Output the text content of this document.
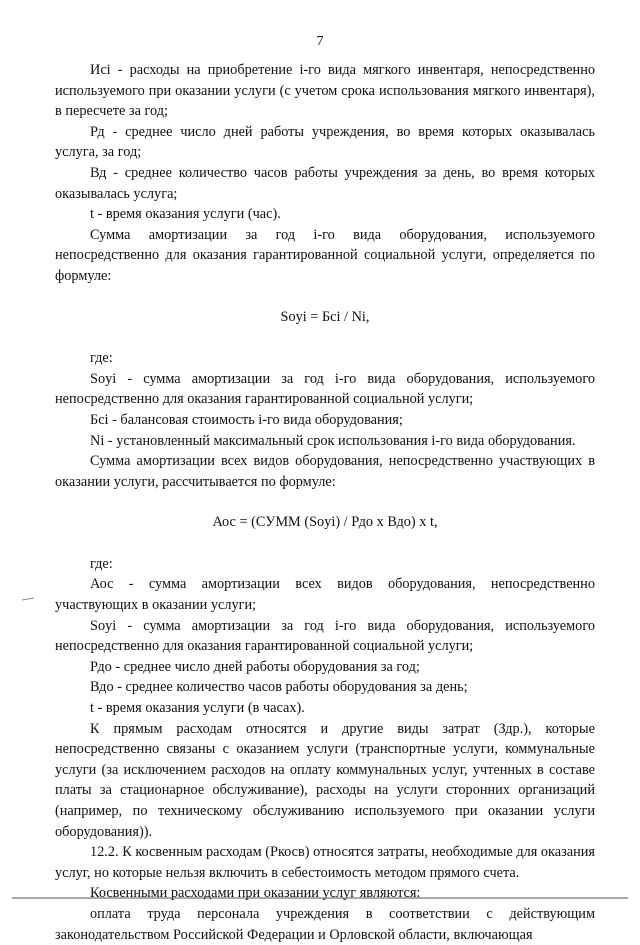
7

Исi - расходы на приобретение i-го вида мягкого инвентаря, непосредственно используемого при оказании услуги (с учетом срока использования мягкого инвентаря), в пересчете за год;

Рд - среднее число дней работы учреждения, во время которых оказывалась услуга, за год;

Вд - среднее количество часов работы учреждения за день, во время которых оказывалась услуга;

t - время оказания услуги (час).

Сумма амортизации за год i-го вида оборудования, используемого непосредственно для оказания гарантированной социальной услуги, определяется по формуле:

Soyi = Бсi / Ni,

где:

Soyi - сумма амортизации за год i-го вида оборудования, используемого непосредственно для оказания гарантированной социальной услуги;

Бсi - балансовая стоимость i-го вида оборудования;

Ni - установленный максимальный срок использования i-го вида оборудования.

Сумма амортизации всех видов оборудования, непосредственно участвующих в оказании услуги, рассчитывается по формуле:

Аос = (СУММ (Soyi) / Рдо x Вдо) x t,

где:

Аос - сумма амортизации всех видов оборудования, непосредственно участвующих в оказании услуги;

Soyi - сумма амортизации за год i-го вида оборудования, используемого непосредственно для оказания гарантированной социальной услуги;

Рдо - среднее число дней работы оборудования за год;

Вдо - среднее количество часов работы оборудования за день;

t - время оказания услуги (в часах).

К прямым расходам относятся и другие виды затрат (Здр.), которые непосредственно связаны с оказанием услуги (транспортные услуги, коммунальные услуги (за исключением расходов на оплату коммунальных услуг, учтенных в составе платы за стационарное обслуживание), расходы на услуги сторонних организаций (например, по техническому обслуживанию используемого при оказании услуги оборудования)).

12.2. К косвенным расходам (Ркосв) относятся затраты, необходимые для оказания услуг, но которые нельзя включить в себестоимость методом прямого счета.

Косвенными расходами при оказании услуг являются:

оплата труда персонала учреждения в соответствии с действующим законодательством Российской Федерации и Орловской области, включающая
